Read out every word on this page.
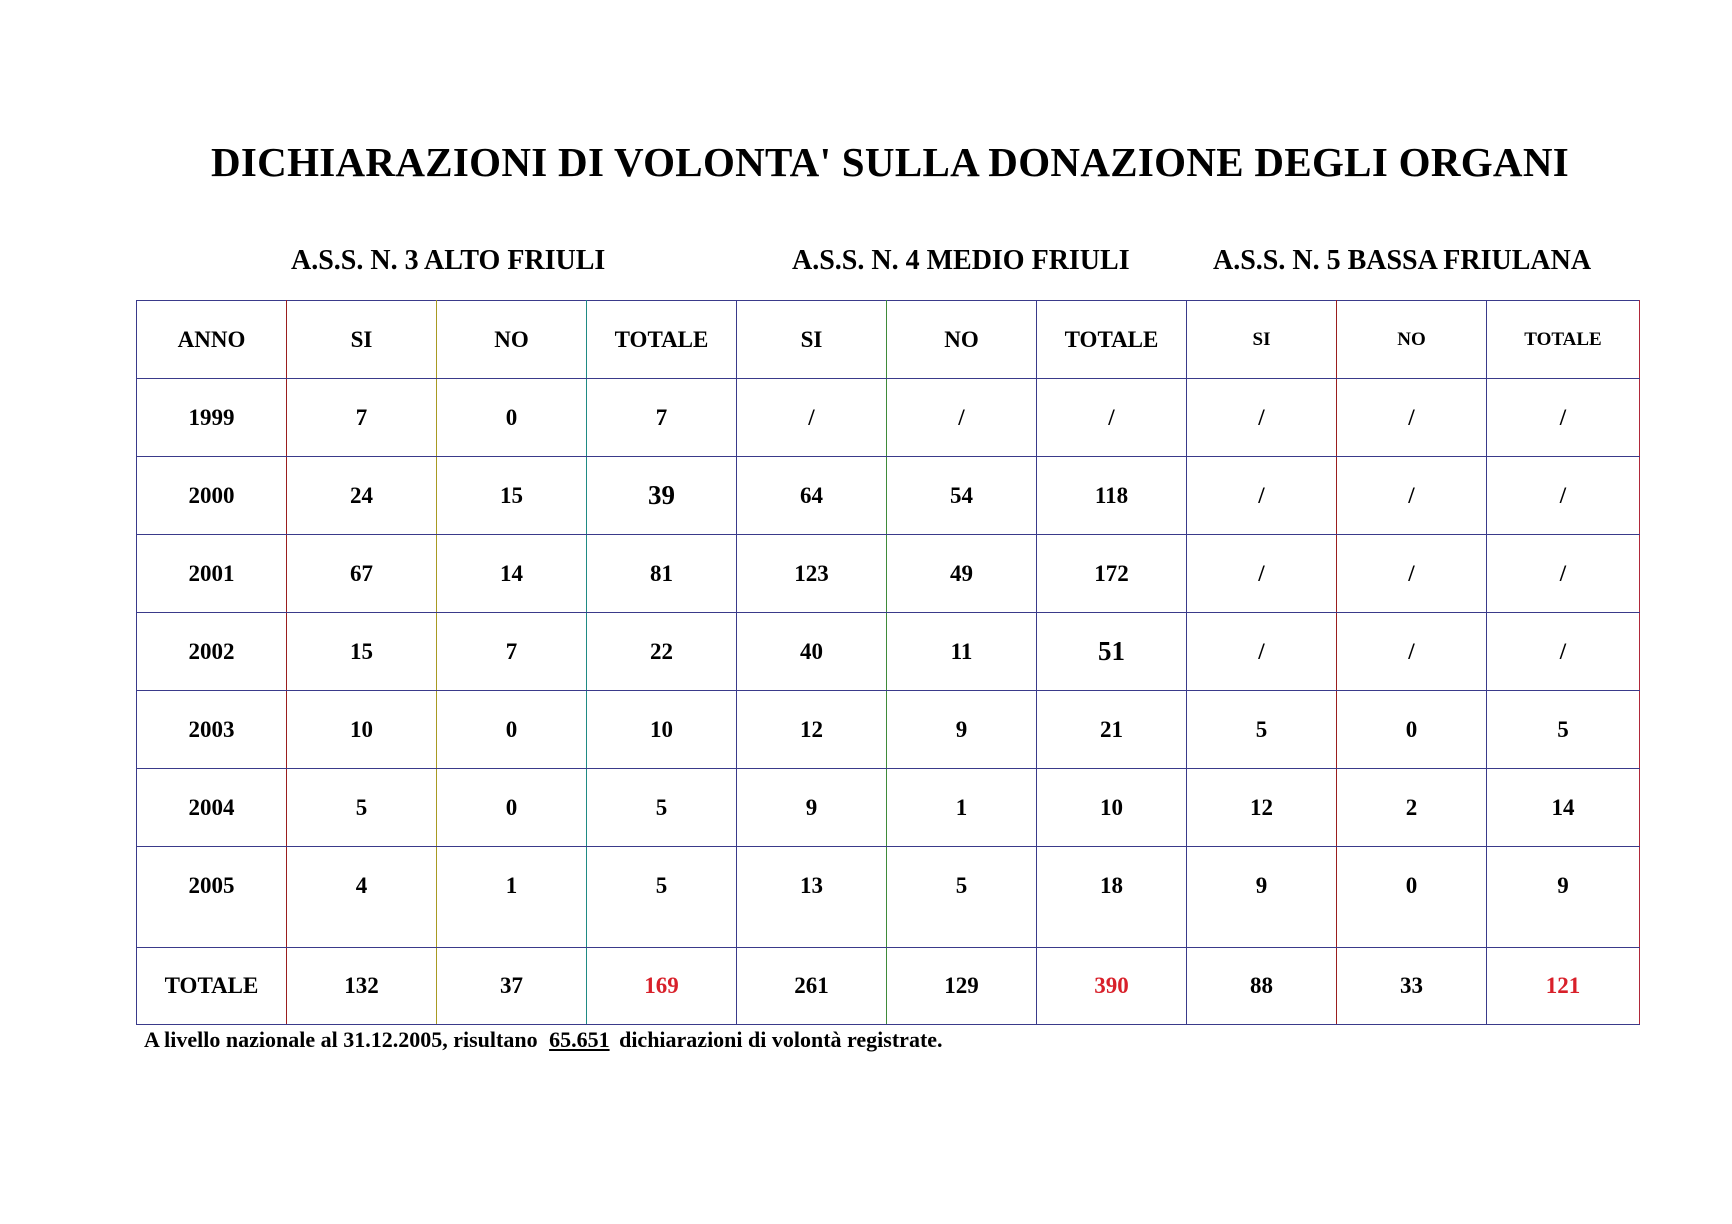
DICHIARAZIONI DI VOLONTA' SULLA DONAZIONE DEGLI ORGANI
A.S.S. N. 3 ALTO FRIULI	A.S.S. N. 4 MEDIO FRIULI	A.S.S. N. 5 BASSA FRIULANA
ANNO	SI	NO	TOTALE	SI	NO	TOTALE	SI	NO	TOTALE
1999	7	0	7	/	/	/	/	/	/
2000	24	15	39	64	54	118	/	/	/
2001	67	14	81	123	49	172	/	/	/
2002	15	7	22	40	11	51	/	/	/
2003	10	0	10	12	9	21	5	0	5
2004	5	0	5	9	1	10	12	2	14
2005	4	1	5	13	5	18	9	0	9
TOTALE	132	37	169	261	129	390	88	33	121
A livello nazionale al 31.12.2005, risultano 65.651 dichiarazioni di volontà registrate.
